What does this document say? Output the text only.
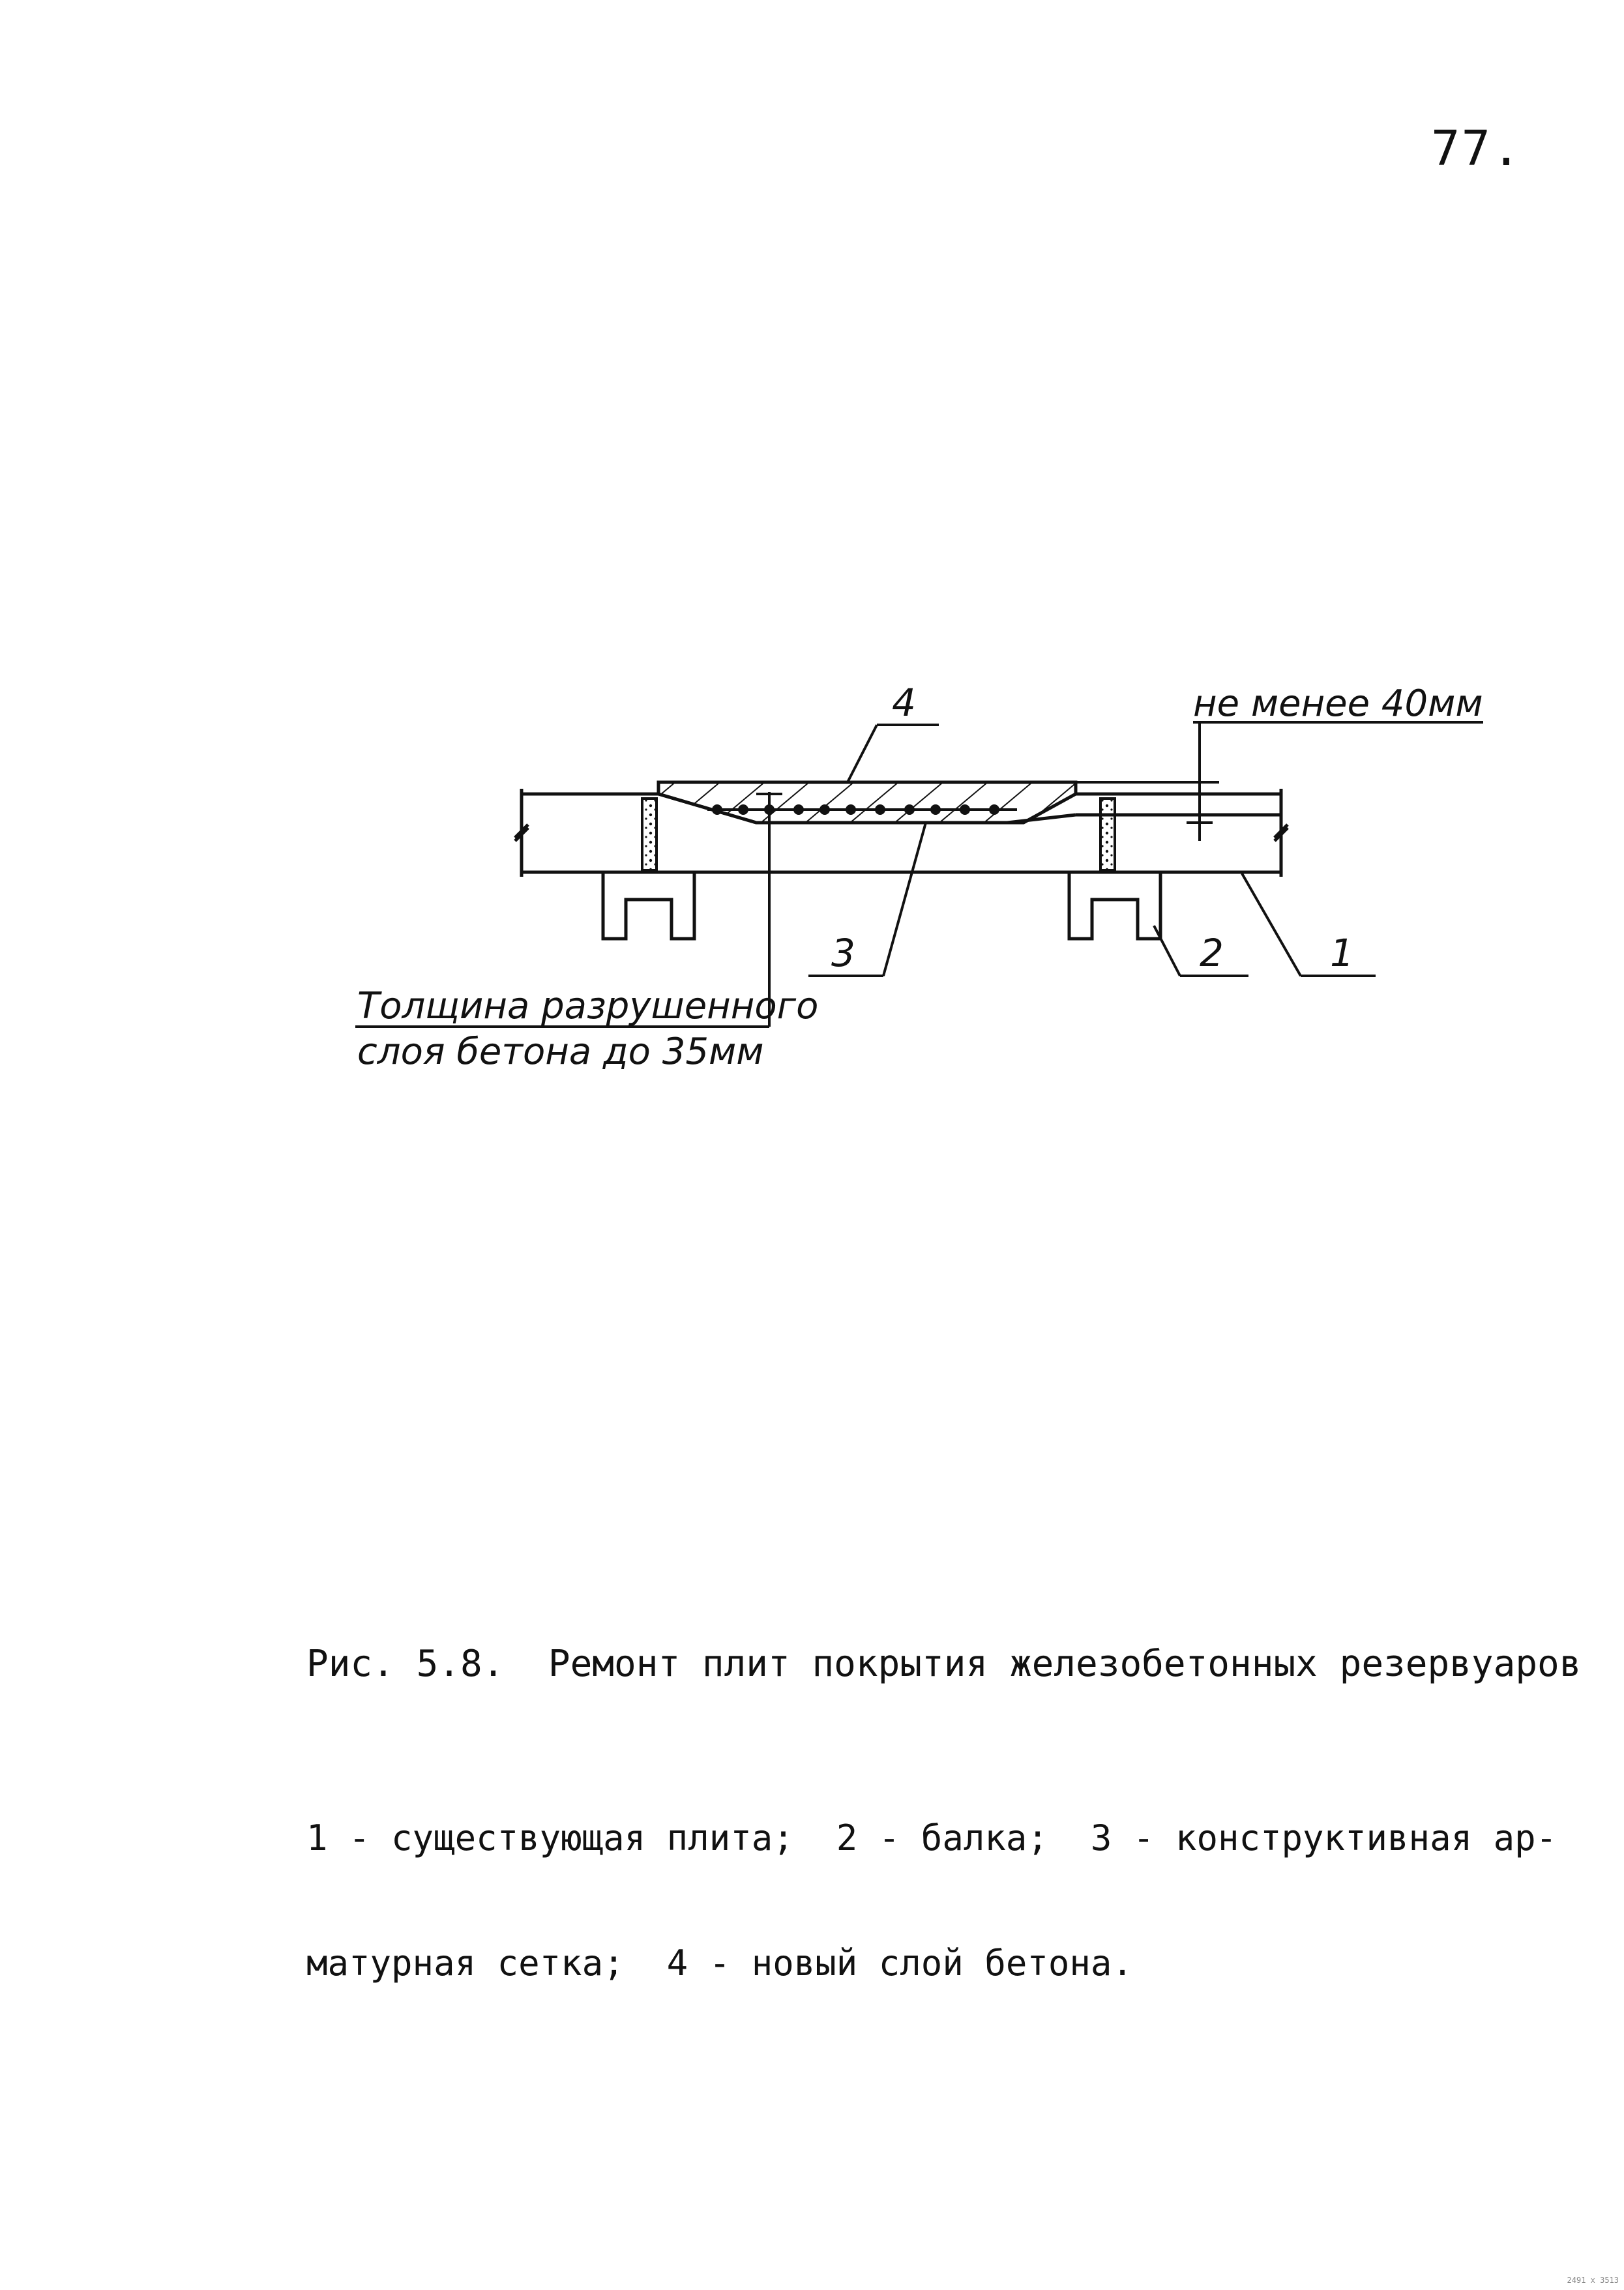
77.
4	не менее 40мм
3	2	1
Толщина разрушенного
слоя бетона до 35мм
Рис. 5.8.  Ремонт плит покрытия железобетонных резервуаров

1 - существующая плита;  2 - балка;  3 - конструктивная ар-

матурная сетка;  4 - новый слой бетона.

2491 x 3513
